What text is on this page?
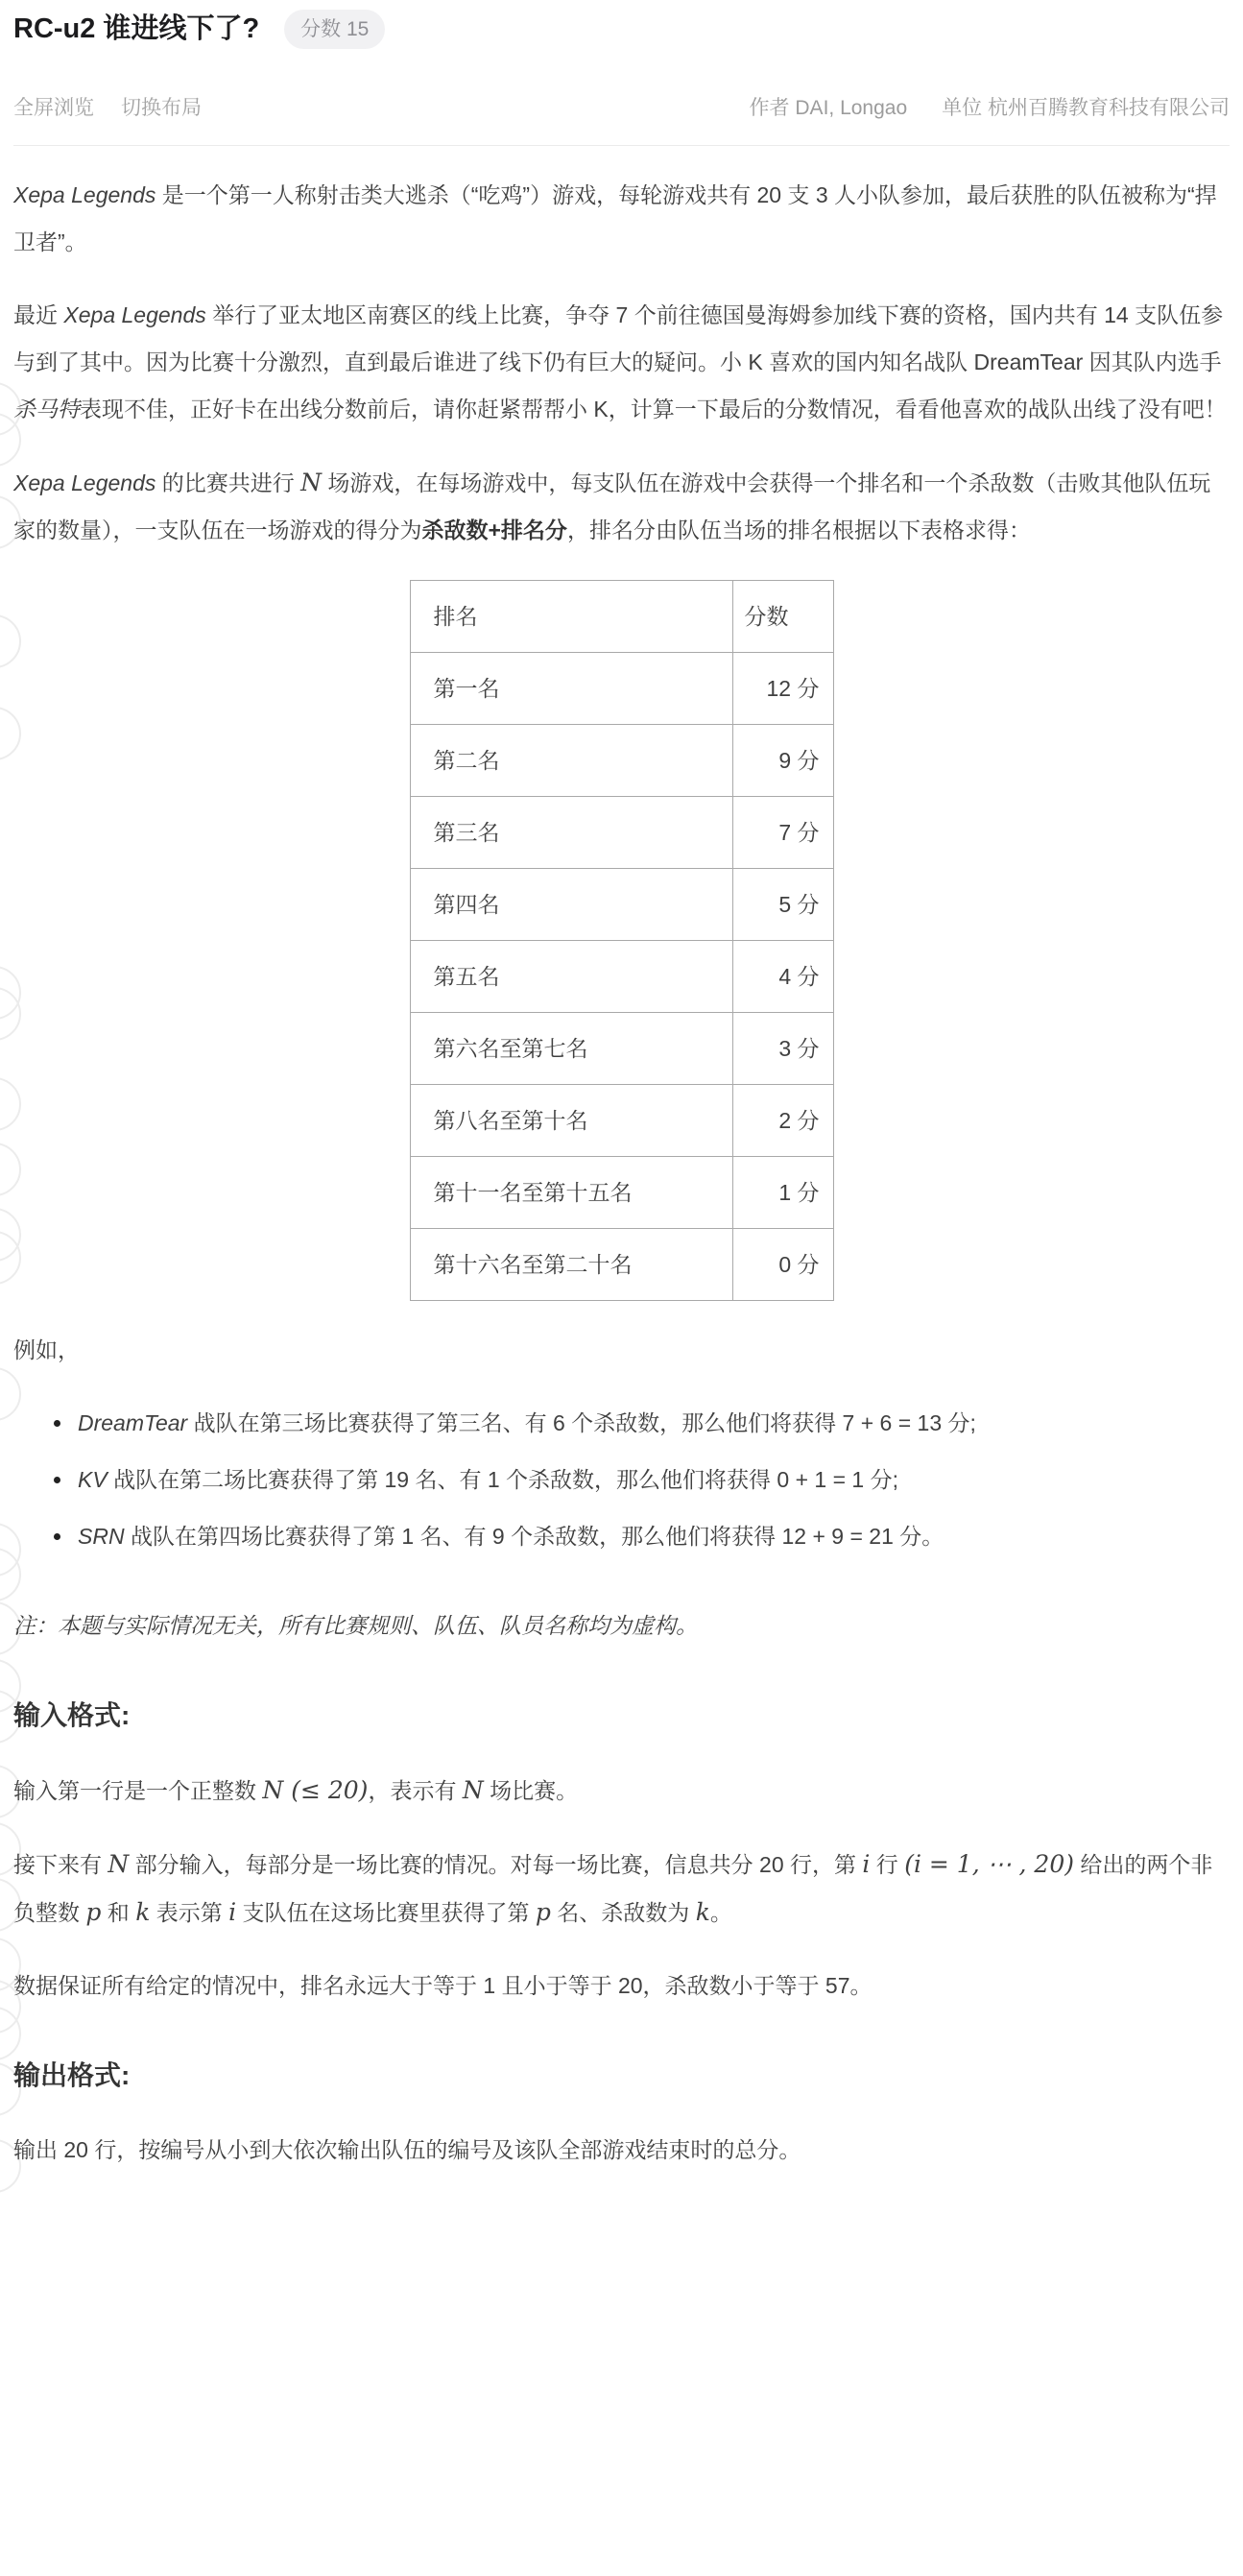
RC-u2 谁进线下了?	分数 15
全屏浏览 切换布局	作者 DAI, Longao 单位 杭州百腾教育科技有限公司

Xepa Legends 是一个第一人称射击类大逃杀（“吃鸡”）游戏，每轮游戏共有 20 支 3 人小队参加，最后获胜的队伍被称为“捍卫者”。

最近 Xepa Legends 举行了亚太地区南赛区的线上比赛，争夺 7 个前往德国曼海姆参加线下赛的资格，国内共有 14 支队伍参与到了其中。因为比赛十分激烈，直到最后谁进了线下仍有巨大的疑问。小 K 喜欢的国内知名战队 DreamTear 因其队内选手杀马特表现不佳，正好卡在出线分数前后，请你赶紧帮帮小 K，计算一下最后的分数情况，看看他喜欢的战队出线了没有吧！

Xepa Legends 的比赛共进行 N 场游戏，在每场游戏中，每支队伍在游戏中会获得一个排名和一个杀敌数（击败其他队伍玩家的数量），一支队伍在一场游戏的得分为杀敌数+排名分，排名分由队伍当场的排名根据以下表格求得：

排名	分数
第一名	12 分
第二名	9 分
第三名	7 分
第四名	5 分
第五名	4 分
第六名至第七名	3 分
第八名至第十名	2 分
第十一名至第十五名	1 分
第十六名至第二十名	0 分

例如，

• DreamTear 战队在第三场比赛获得了第三名、有 6 个杀敌数，那么他们将获得 7 + 6 = 13 分;
• KV 战队在第二场比赛获得了第 19 名、有 1 个杀敌数，那么他们将获得 0 + 1 = 1 分;
• SRN 战队在第四场比赛获得了第 1 名、有 9 个杀敌数，那么他们将获得 12 + 9 = 21 分。

注：本题与实际情况无关，所有比赛规则、队伍、队员名称均为虚构。

输入格式:

输入第一行是一个正整数 N (≤ 20)，表示有 N 场比赛。

接下来有 N 部分输入，每部分是一场比赛的情况。对每一场比赛，信息共分 20 行，第 i 行 (i = 1, ⋯ , 20) 给出的两个非负整数 p 和 k 表示第 i 支队伍在这场比赛里获得了第 p 名、杀敌数为 k。

数据保证所有给定的情况中，排名永远大于等于 1 且小于等于 20，杀敌数小于等于 57。

输出格式:

输出 20 行，按编号从小到大依次输出队伍的编号及该队全部游戏结束时的总分。
